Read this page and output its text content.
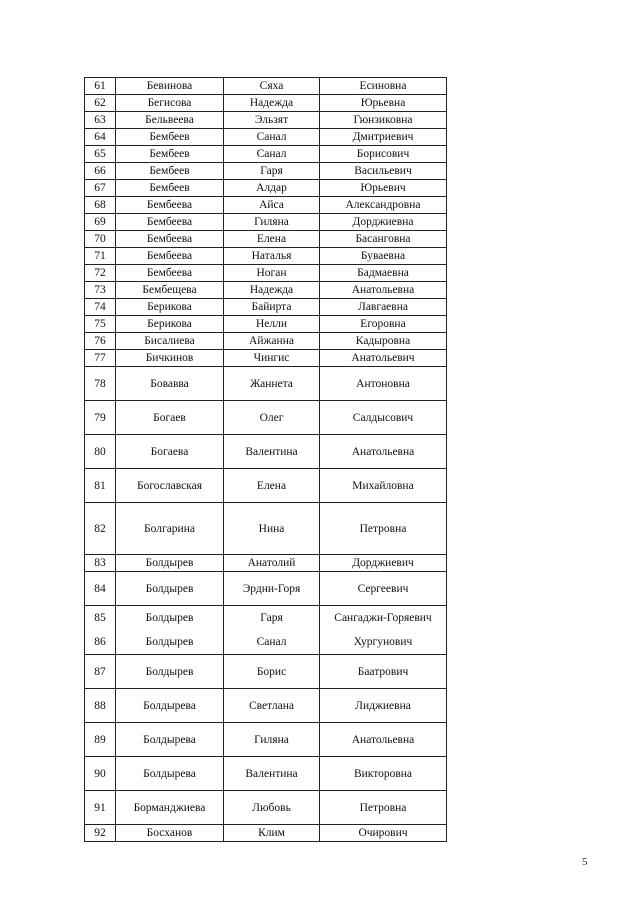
61	Бевинова	Сяха	Есиновна
62	Бегисова	Надежда	Юрьевна
63	Бельвеева	Эльзят	Гюнзиковна
64	Бембеев	Санал	Дмитриевич
65	Бембеев	Санал	Борисович
66	Бембеев	Гаря	Васильевич
67	Бембеев	Алдар	Юрьевич
68	Бембеева	Айса	Александровна
69	Бембеева	Гиляна	Дорджиевна
70	Бембеева	Елена	Басанговна
71	Бембеева	Наталья	Буваевна
72	Бембеева	Ноган	Бадмаевна
73	Бембещева	Надежда	Анатольевна
74	Берикова	Байирта	Лавгаевна
75	Берикова	Нелли	Егоровна
76	Бисалиева	Айжанна	Кадыровна
77	Бичкинов	Чингис	Анатольевич
78	Бовавва	Жаннета	Антоновна
79	Богаев	Олег	Салдысович
80	Богаева	Валентина	Анатольевна
81	Богославская	Елена	Михайловна
82	Болгарина	Нина	Петровна
83	Болдырев	Анатолий	Дорджиевич
84	Болдырев	Эрдни-Горя	Сергеевич
85	Болдырев	Гаря	Сангаджи-Горяевич
86	Болдырев	Санал	Хургунович
87	Болдырев	Борис	Баатрович
88	Болдырева	Светлана	Лиджиевна
89	Болдырева	Гиляна	Анатольевна
90	Болдырева	Валентина	Викторовна
91	Борманджиева	Любовь	Петровна
92	Босханов	Клим	Очирович
5
